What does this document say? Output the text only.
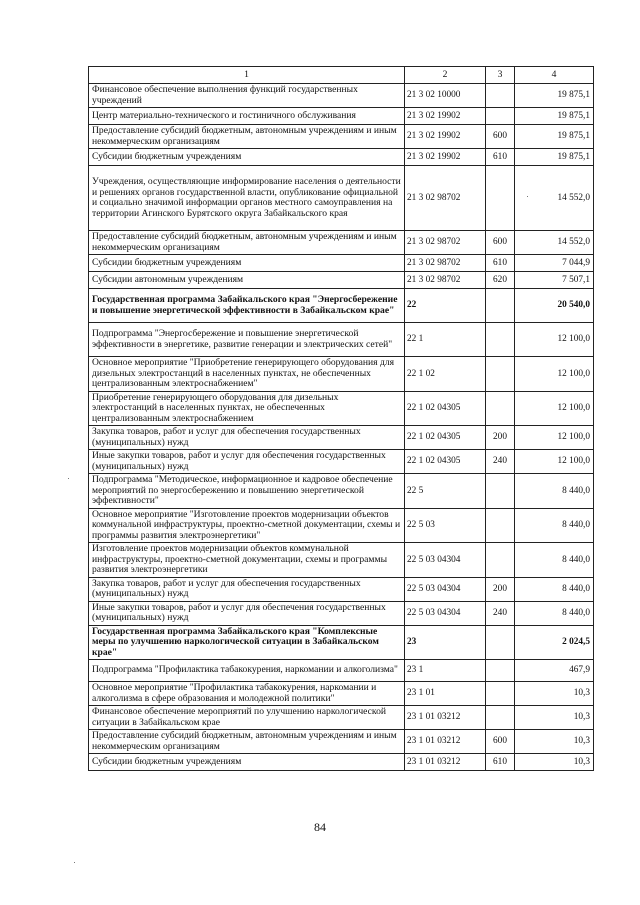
1	2	3	4
Финансовое обеспечение выполнения функций государственных учреждений	21 3 02 10000		19 875,1
Центр материально-технического и гостиничного обслуживания	21 3 02 19902		19 875,1
Предоставление субсидий бюджетным, автономным учреждениям и иным некоммерческим организациям	21 3 02 19902	600	19 875,1
Субсидии бюджетным учреждениям	21 3 02 19902	610	19 875,1
Учреждения, осуществляющие информирование населения о деятельности и решениях органов государственной власти, опубликование официальной и социально значимой информации органов местного самоуправления на территории Агинского Бурятского округа Забайкальского края	21 3 02 98702		14 552,0
Предоставление субсидий бюджетным, автономным учреждениям и иным некоммерческим организациям	21 3 02 98702	600	14 552,0
Субсидии бюджетным учреждениям	21 3 02 98702	610	7 044,9
Субсидии автономным учреждениям	21 3 02 98702	620	7 507,1
Государственная программа Забайкальского края "Энергосбережение и повышение энергетической эффективности в Забайкальском крае"	22		20 540,0
Подпрограмма "Энергосбережение и повышение энергетической эффективности в энергетике, развитие генерации и электрических сетей"	22 1		12 100,0
Основное мероприятие "Приобретение генерирующего оборудования для дизельных электростанций в населенных пунктах, не обеспеченных централизованным электроснабжением"	22 1 02		12 100,0
Приобретение генерирующего оборудования для дизельных электростанций в населенных пунктах, не обеспеченных централизованным электроснабжением	22 1 02 04305		12 100,0
Закупка товаров, работ и услуг для обеспечения государственных (муниципальных) нужд	22 1 02 04305	200	12 100,0
Иные закупки товаров, работ и услуг для обеспечения государственных (муниципальных) нужд	22 1 02 04305	240	12 100,0
Подпрограмма "Методическое, информационное и кадровое обеспечение мероприятий по энергосбережению и повышению энергетической эффективности"	22 5		8 440,0
Основное мероприятие "Изготовление проектов модернизации объектов коммунальной инфраструктуры, проектно-сметной документации, схемы и программы развития электроэнергетики"	22 5 03		8 440,0
Изготовление проектов модернизации объектов коммунальной инфраструктуры, проектно-сметной документации, схемы и программы развития электроэнергетики	22 5 03 04304		8 440,0
Закупка товаров, работ и услуг для обеспечения государственных (муниципальных) нужд	22 5 03 04304	200	8 440,0
Иные закупки товаров, работ и услуг для обеспечения государственных (муниципальных) нужд	22 5 03 04304	240	8 440,0
Государственная программа Забайкальского края "Комплексные меры по улучшению наркологической ситуации в Забайкальском крае"	23		2 024,5
Подпрограмма "Профилактика табакокурения, наркомании и алкоголизма"	23 1		467,9
Основное мероприятие "Профилактика табакокурения, наркомании и алкоголизма в сфере образования и молодежной политики"	23 1 01		10,3
Финансовое обеспечение мероприятий по улучшению наркологической ситуации в Забайкальском крае	23 1 01 03212		10,3
Предоставление субсидий бюджетным, автономным учреждениям и иным некоммерческим организациям	23 1 01 03212	600	10,3
Субсидии бюджетным учреждениям	23 1 01 03212	610	10,3
84
